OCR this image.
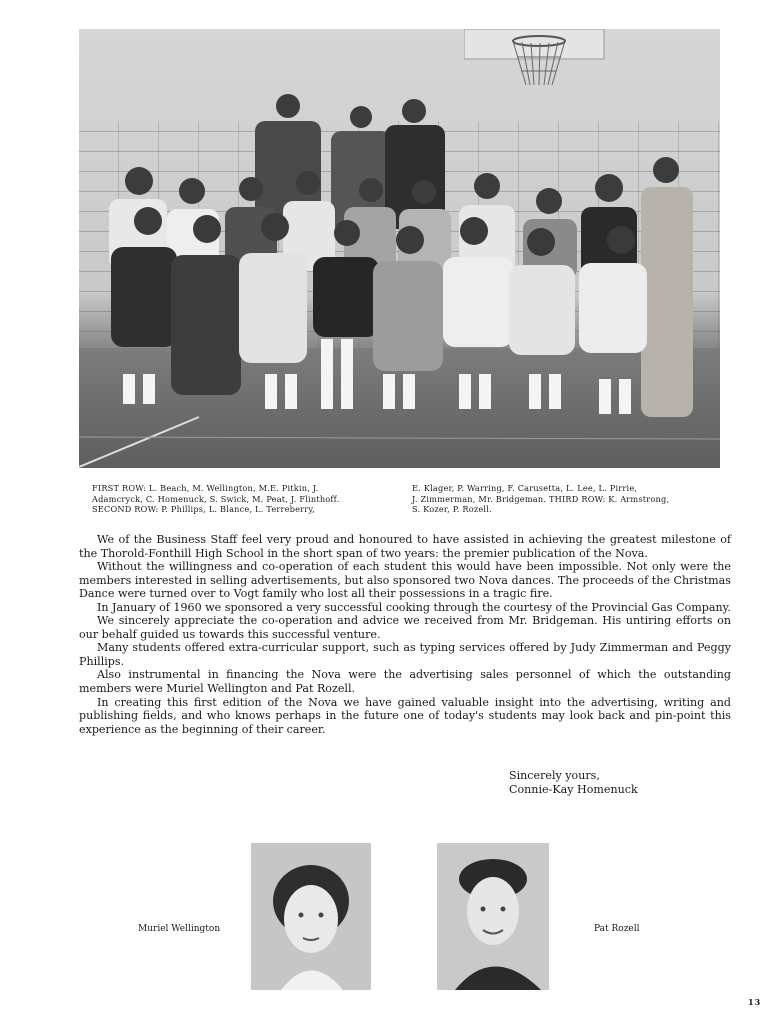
FIRST ROW: L. Beach, M. Wellington, M.E. Pitkin, J.
Adamcryck, C. Homenuck, S. Swick, M. Peat, J. Flinthoff.
SECOND ROW: P. Phillips, L. Blance, L. Terreberry,
E. Klager, P. Warring, F. Carusetta, L. Lee, L. Pirrie,
J. Zimmerman, Mr. Bridgeman. THIRD ROW: K. Armstrong,
S. Kozer, P. Rozell.

We of the Business Staff feel very proud and honoured to have assisted in achieving the greatest milestone of the Thorold-Fonthill High School in the short span of two years: the premier publication of the Nova.

Without the willingness and co-operation of each student this would have been impossible. Not only were the members interested in selling advertisements, but also sponsored two Nova dances. The proceeds of the Christmas Dance were turned over to Vogt family who lost all their possessions in a tragic fire.

In January of 1960 we sponsored a very successful cooking through the courtesy of the Provincial Gas Company.

We sincerely appreciate the co-operation and advice we received from Mr. Bridgeman. His untiring efforts on our behalf guided us towards this successful venture.

Many students offered extra-curricular support, such as typing services offered by Judy Zimmerman and Peggy Phillips.

Also instrumental in financing the Nova were the advertising sales personnel of which the outstanding members were Muriel Wellington and Pat Rozell.

In creating this first edition of the Nova we have gained valuable insight into the advertising, writing and publishing fields, and who knows perhaps in the future one of today's students may look back and pin-point this experience as the beginning of their career.

Sincerely yours,
Connie-Kay Homenuck
Muriel Wellington	Pat Rozell
13
